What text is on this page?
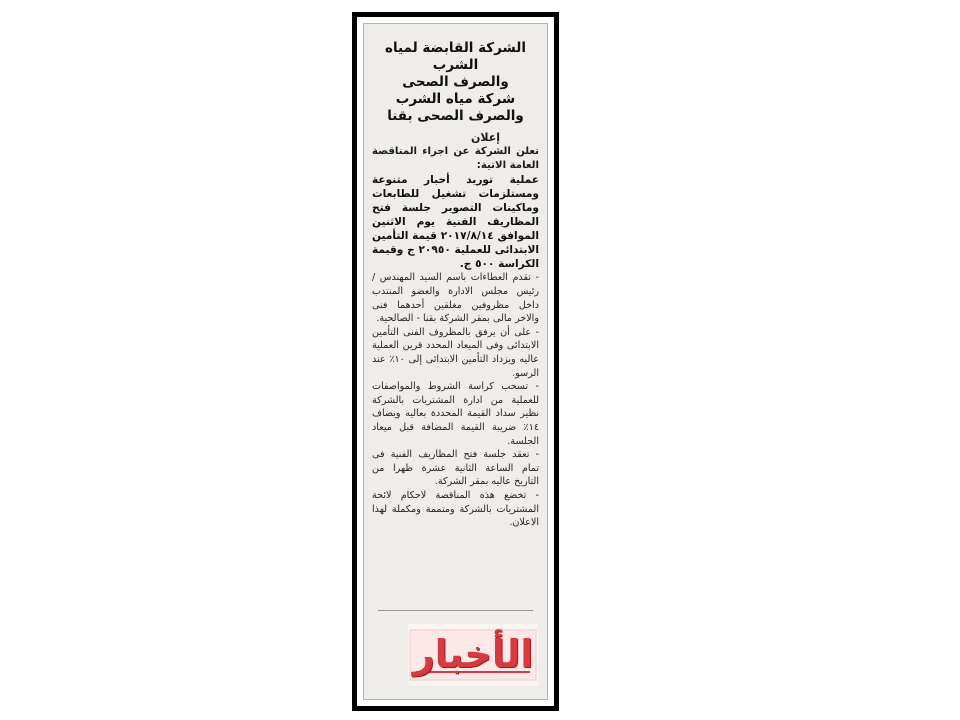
الشركة القابضة لمياه الشرب
والصرف الصحى
شركة مياه الشرب
والصرف الصحى بقنا
إعلان
تعلن الشركة عن اجراء المناقصة العامة الاتية:
عملية توريد أحبار متنوعة ومستلزمات تشغيل للطابعات وماكينات التصوير جلسة فتح المظاريف الفنية يوم الاثنين الموافق ٢٠١٧/٨/١٤ قيمة التأمين الابتدائى للعملية ٢٠٩٥٠ ج وقيمة الكراسة ٥٠٠ ج.
- تقدم العطاءات باسم السيد المهندس / رئيس مجلس الادارة والعضو المنتدب داخل مظروفين مغلقين أحدهما فنى والاخر مالى بمقر الشركة بقنا - الصالحية.
- على أن يرفق بالمظروف الفنى التأمين الابتدائى وفى الميعاد المحدد قرين العملية عاليه ويزداد التأمين الابتدائى إلى ١٠٪ عند الرسو.
- تسحب كراسة الشروط والمواصفات للعملية من ادارة المشتريات بالشركة نظير سداد القيمة المحددة بعاليه ويضاف ١٤٪ ضريبة القيمة المضافة قبل ميعاد الجلسة.
- تعقد جلسة فتح المظاريف الفنية فى تمام الساعة الثانية عشرة ظهرا من التاريخ عاليه بمقر الشركة.
- تخضع هذه المناقصة لاحكام لائحة المشتريات بالشركة ومتممة ومكملة لهذا الاعلان.
الأخبار
